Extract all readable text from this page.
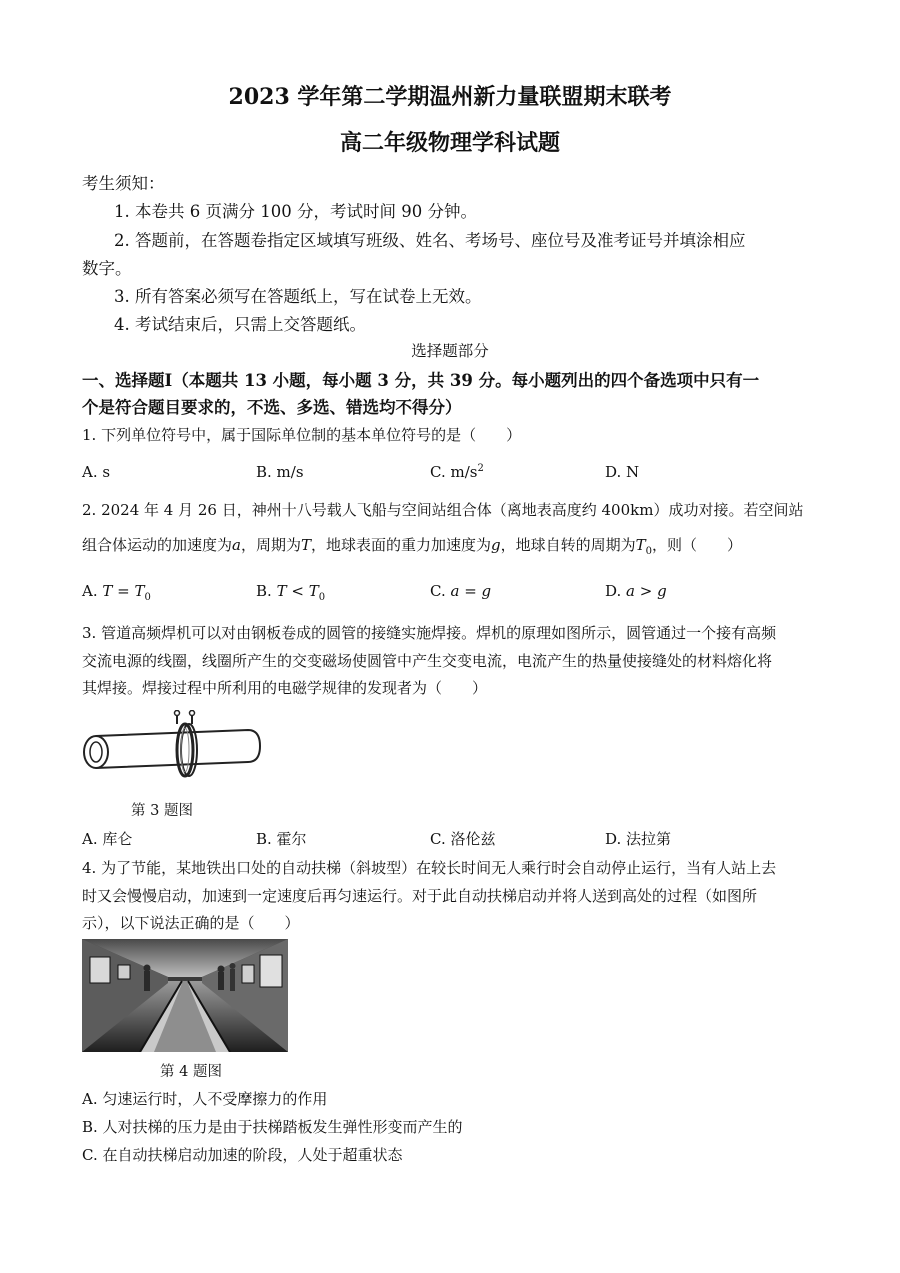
2023 学年第二学期温州新力量联盟期末联考
高二年级物理学科试题
考生须知：
1. 本卷共 6 页满分 100 分，考试时间 90 分钟。
2. 答题前，在答题卷指定区域填写班级、姓名、考场号、座位号及准考证号并填涂相应
数字。
3. 所有答案必须写在答题纸上，写在试卷上无效。
4. 考试结束后，只需上交答题纸。
选择题部分
一、选择题Ⅰ（本题共 13 小题，每小题 3 分，共 39 分。每小题列出的四个备选项中只有一
个是符合题目要求的，不选、多选、错选均不得分）
1. 下列单位符号中，属于国际单位制的基本单位符号的是（　　）
A. s	B. m/s	C. $m/s^2$	D. N
2. 2024 年 4 月 26 日，神州十八号载人飞船与空间站组合体（离地表高度约 400km）成功对接。若空间站
组合体运动的加速度为a，周期为T，地球表面的重力加速度为g，地球自转的周期为$T_0$，则（　　）
A. $T = T_0$	B. $T < T_0$	C. a = g	D. a > g
3. 管道高频焊机可以对由钢板卷成的圆管的接缝实施焊接。焊机的原理如图所示，圆管通过一个接有高频
交流电源的线圈，线圈所产生的交变磁场使圆管中产生交变电流，电流产生的热量使接缝处的材料熔化将
其焊接。焊接过程中所利用的电磁学规律的发现者为（　　）
第 3 题图
A. 库仑	B. 霍尔	C. 洛伦兹	D. 法拉第
4. 为了节能，某地铁出口处的自动扶梯（斜坡型）在较长时间无人乘行时会自动停止运行，当有人站上去
时又会慢慢启动，加速到一定速度后再匀速运行。对于此自动扶梯启动并将人送到高处的过程（如图所
示），以下说法正确的是（　　）
第 4 题图
A. 匀速运行时，人不受摩擦力的作用
B. 人对扶梯的压力是由于扶梯踏板发生弹性形变而产生的
C. 在自动扶梯启动加速的阶段，人处于超重状态
